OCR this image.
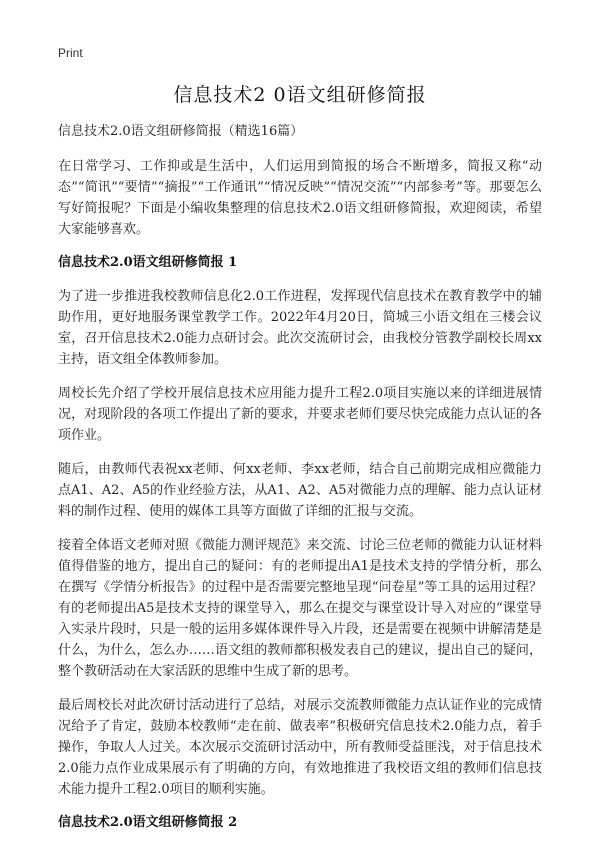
Print
信息技术2 0语文组研修简报
信息技术2.0语文组研修简报（精选16篇）

在日常学习、工作抑或是生活中，人们运用到简报的场合不断增多，简报又称“动态”“简讯”“要情”“摘报”“工作通讯”“情况反映”“情况交流”“内部参考”等。那要怎么写好简报呢？下面是小编收集整理的信息技术2.0语文组研修简报，欢迎阅读，希望大家能够喜欢。

信息技术2.0语文组研修简报 1

为了进一步推进我校教师信息化2.0工作进程，发挥现代信息技术在教育教学中的辅助作用，更好地服务课堂教学工作。2022年4月20日，简城三小语文组在三楼会议室，召开信息技术2.0能力点研讨会。此次交流研讨会，由我校分管教学副校长周xx主持，语文组全体教师参加。

周校长先介绍了学校开展信息技术应用能力提升工程2.0项目实施以来的详细进展情况，对现阶段的各项工作提出了新的要求，并要求老师们要尽快完成能力点认证的各项作业。

随后，由教师代表祝xx老师、何xx老师、李xx老师，结合自己前期完成相应微能力点A1、A2、A5的作业经验方法，从A1、A2、A5对微能力点的理解、能力点认证材料的制作过程、使用的媒体工具等方面做了详细的汇报与交流。

接着全体语文老师对照《微能力测评规范》来交流、讨论三位老师的微能力认证材料值得借鉴的地方，提出自己的疑问：有的老师提出A1是技术支持的学情分析，那么在撰写《学情分析报告》的过程中是否需要完整地呈现“问卷星”等工具的运用过程？有的老师提出A5是技术支持的课堂导入，那么在提交与课堂设计导入对应的“课堂导入实录片段时，只是一般的运用多媒体课件导入片段，还是需要在视频中讲解清楚是什么，为什么，怎么办……语文组的教师都积极发表自己的建议，提出自己的疑问，整个教研活动在大家活跃的思维中生成了新的思考。

最后周校长对此次研讨活动进行了总结，对展示交流教师微能力点认证作业的完成情况给予了肯定，鼓励本校教师“走在前、做表率”积极研究信息技术2.0能力点，着手操作，争取人人过关。本次展示交流研讨活动中，所有教师受益匪浅，对于信息技术2.0能力点作业成果展示有了明确的方向，有效地推进了我校语文组的教师们信息技术能力提升工程2.0项目的顺利实施。

信息技术2.0语文组研修简报 2
